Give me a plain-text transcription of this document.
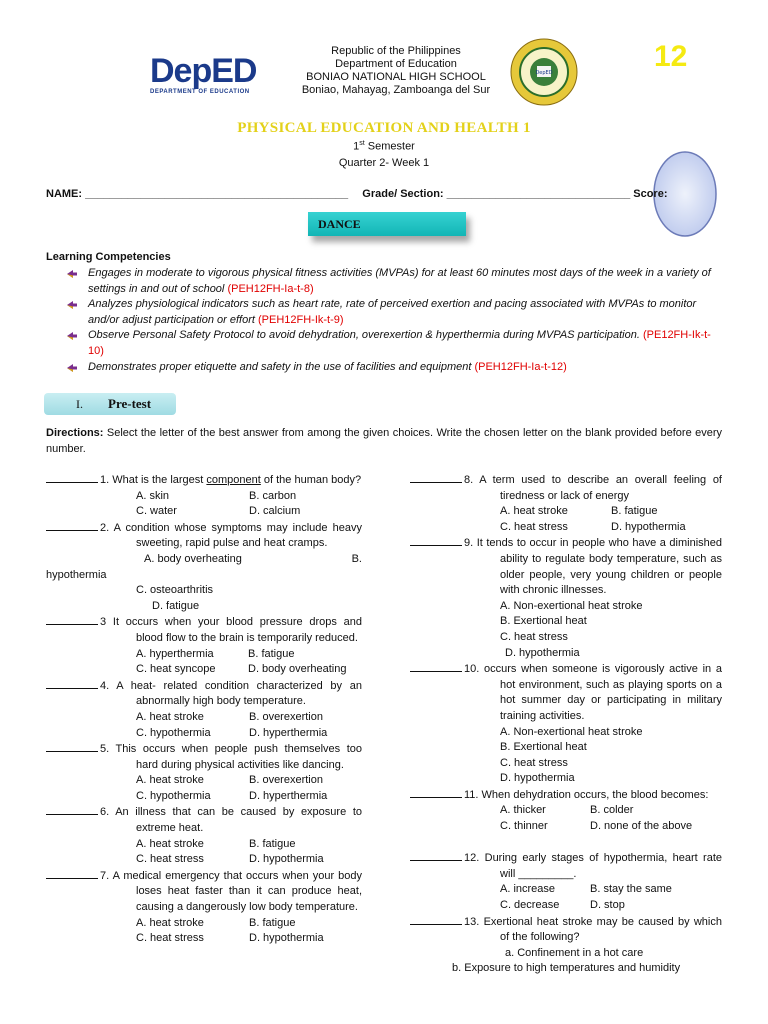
DepED
DEPARTMENT OF EDUCATION
Republic of the Philippines
Department of Education
BONIAO NATIONAL HIGH SCHOOL
Boniao, Mahayag, Zamboanga del Sur
DepED	12
PHYSICAL EDUCATION AND HEALTH 1
1st Semester
Quarter 2- Week 1
NAME: ___________________________________________ Grade/ Section: ______________________________ Score:
DANCE
Learning Competencies
Engages in moderate to vigorous physical fitness activities (MVPAs) for at least 60 minutes most days of the week in a variety of settings in and out of school (PEH12FH-Ia-t-8)
Analyzes physiological indicators such as heart rate, rate of perceived exertion and pacing associated with MVPAs to monitor and/or adjust participation or effort (PEH12FH-Ik-t-9)
Observe Personal Safety Protocol to avoid dehydration, overexertion & hyperthermia during MVPAS participation. (PE12FH-Ik-t-10)
Demonstrates proper etiquette and safety in the use of facilities and equipment (PEH12FH-Ia-t-12)
I. Pre-test
Directions: Select the letter of the best answer from among the given choices. Write the chosen letter on the blank provided before every number.
1. What is the largest component of the human body?
A. skin	B. carbon
C. water	D. calcium
2. A condition whose symptoms may include heavy sweeting, rapid pulse and heat cramps.
A. body overheating	B.
hypothermia
C. osteoarthritis
D. fatigue
3 It occurs when your blood pressure drops and blood flow to the brain is temporarily reduced.
A. hyperthermia	B. fatigue
C. heat syncope	D. body overheating
4. A heat- related condition characterized by an abnormally high body temperature.
A. heat stroke	B. overexertion
C. hypothermia	D. hyperthermia
5. This occurs when people push themselves too hard during physical activities like dancing.
A. heat stroke	B. overexertion
C. hypothermia	D. hyperthermia
6. An illness that can be caused by exposure to extreme heat.
A. heat stroke	B. fatigue
C. heat stress	D. hypothermia
7. A medical emergency that occurs when your body loses heat faster than it can produce heat, causing a dangerously low body temperature.
A. heat stroke	B. fatigue
C. heat stress	D. hypothermia
8. A term used to describe an overall feeling of tiredness or lack of energy
A. heat stroke	B. fatigue
C. heat stress	D. hypothermia
9. It tends to occur in people who have a diminished ability to regulate body temperature, such as older people, very young children or people with chronic illnesses.
A. Non-exertional heat stroke
B. Exertional heat
C. heat stress
D. hypothermia
10. occurs when someone is vigorously active in a hot environment, such as playing sports on a hot summer day or participating in military training activities.
A. Non-exertional heat stroke
B. Exertional heat
C. heat stress
D. hypothermia
11. When dehydration occurs, the blood becomes:
A. thicker	B. colder
C. thinner	D. none of the above
12. During early stages of hypothermia, heart rate will _________.
A. increase	B. stay the same
C. decrease	D. stop
13. Exertional heat stroke may be caused by which of the following?
a. Confinement in a hot care
b. Exposure to high temperatures and humidity
